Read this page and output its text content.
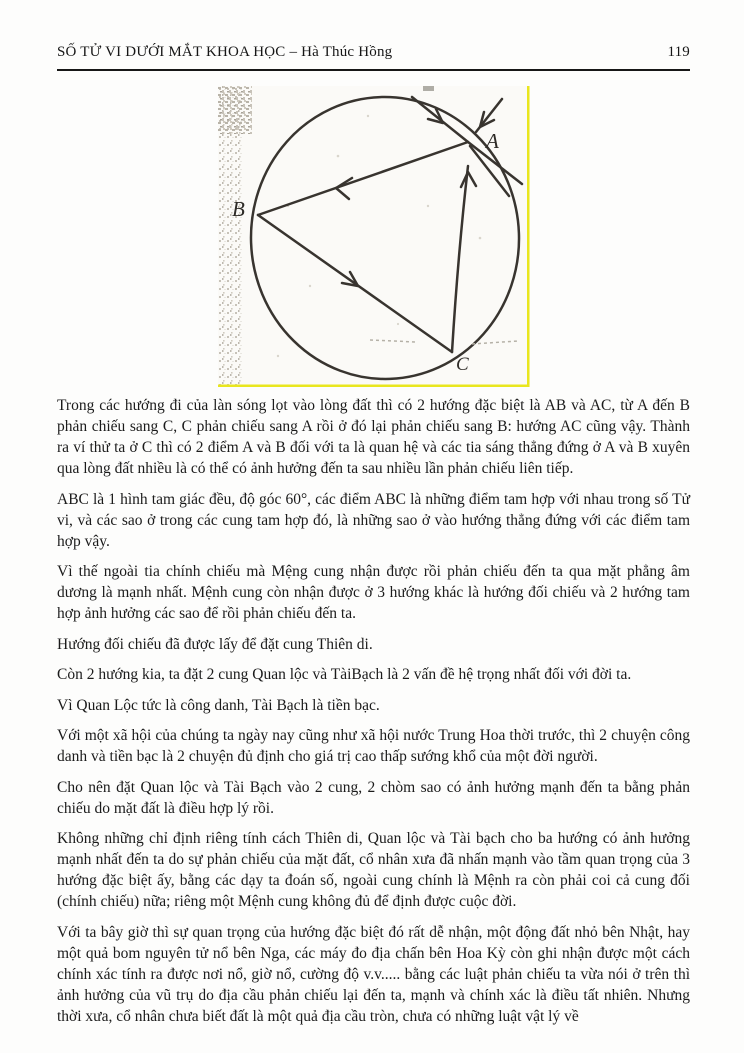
SỐ TỬ VI DƯỚI MẮT KHOA HỌC – Hà Thúc Hồng	119
A
B
C

Trong các hướng đi của làn sóng lọt vào lòng đất thì có 2 hướng đặc biệt là AB và AC, từ A đến B phản chiếu sang C, C phản chiếu sang A rồi ở đó lại phản chiếu sang B: hướng AC cũng vậy. Thành ra ví thử ta ở C thì có 2 điểm A và B đối với ta là quan hệ và các tia sáng thẳng đứng ở A và B xuyên qua lòng đất nhiều là có thể có ảnh hưởng đến ta sau nhiều lần phản chiếu liên tiếp.

ABC là 1 hình tam giác đều, độ góc 60°, các điểm ABC là những điểm tam hợp với nhau trong số Tử vi, và các sao ở trong các cung tam hợp đó, là những sao ở vào hướng thẳng đứng với các điểm tam hợp vậy.

Vì thế ngoài tia chính chiếu mà Mệng cung nhận được rồi phản chiếu đến ta qua mặt phẳng âm dương là mạnh nhất. Mệnh cung còn nhận được ở 3 hướng khác là hướng đối chiếu và 2 hướng tam hợp ảnh hưởng các sao để rồi phản chiếu đến ta.

Hướng đối chiếu đã được lấy để đặt cung Thiên di.

Còn 2 hướng kia, ta đặt 2 cung Quan lộc và TàiBạch là 2 vấn đề hệ trọng nhất đối với đời ta.

Vì Quan Lộc tức là công danh, Tài Bạch là tiền bạc.

Với một xã hội của chúng ta ngày nay cũng như xã hội nước Trung Hoa thời trước, thì 2 chuyện công danh và tiền bạc là 2 chuyện đủ định cho giá trị cao thấp sướng khổ của một đời người.

Cho nên đặt Quan lộc và Tài Bạch vào 2 cung, 2 chòm sao có ảnh hưởng mạnh đến ta bằng phản chiếu do mặt đất là điều hợp lý rồi.

Không những chỉ định riêng tính cách Thiên di, Quan lộc và Tài bạch cho ba hướng có ảnh hưởng mạnh nhất đến ta do sự phản chiếu của mặt đất, cổ nhân xưa đã nhấn mạnh vào tầm quan trọng của 3 hướng đặc biệt ấy, bằng các dạy ta đoán số, ngoài cung chính là Mệnh ra còn phải coi cả cung đối (chính chiếu) nữa; riêng một Mệnh cung không đủ để định được cuộc đời.

Với ta bây giờ thì sự quan trọng của hướng đặc biệt đó rất dễ nhận, một động đất nhỏ bên Nhật, hay một quả bom nguyên tử nổ bên Nga, các máy đo địa chấn bên Hoa Kỳ còn ghi nhận được một cách chính xác tính ra được nơi nổ, giờ nổ, cường độ v.v..... bằng các luật phản chiếu ta vừa nói ở trên thì ảnh hưởng của vũ trụ do địa cầu phản chiếu lại đến ta, mạnh và chính xác là điều tất nhiên. Nhưng thời xưa, cổ nhân chưa biết đất là một quả địa cầu tròn, chưa có những luật vật lý về
